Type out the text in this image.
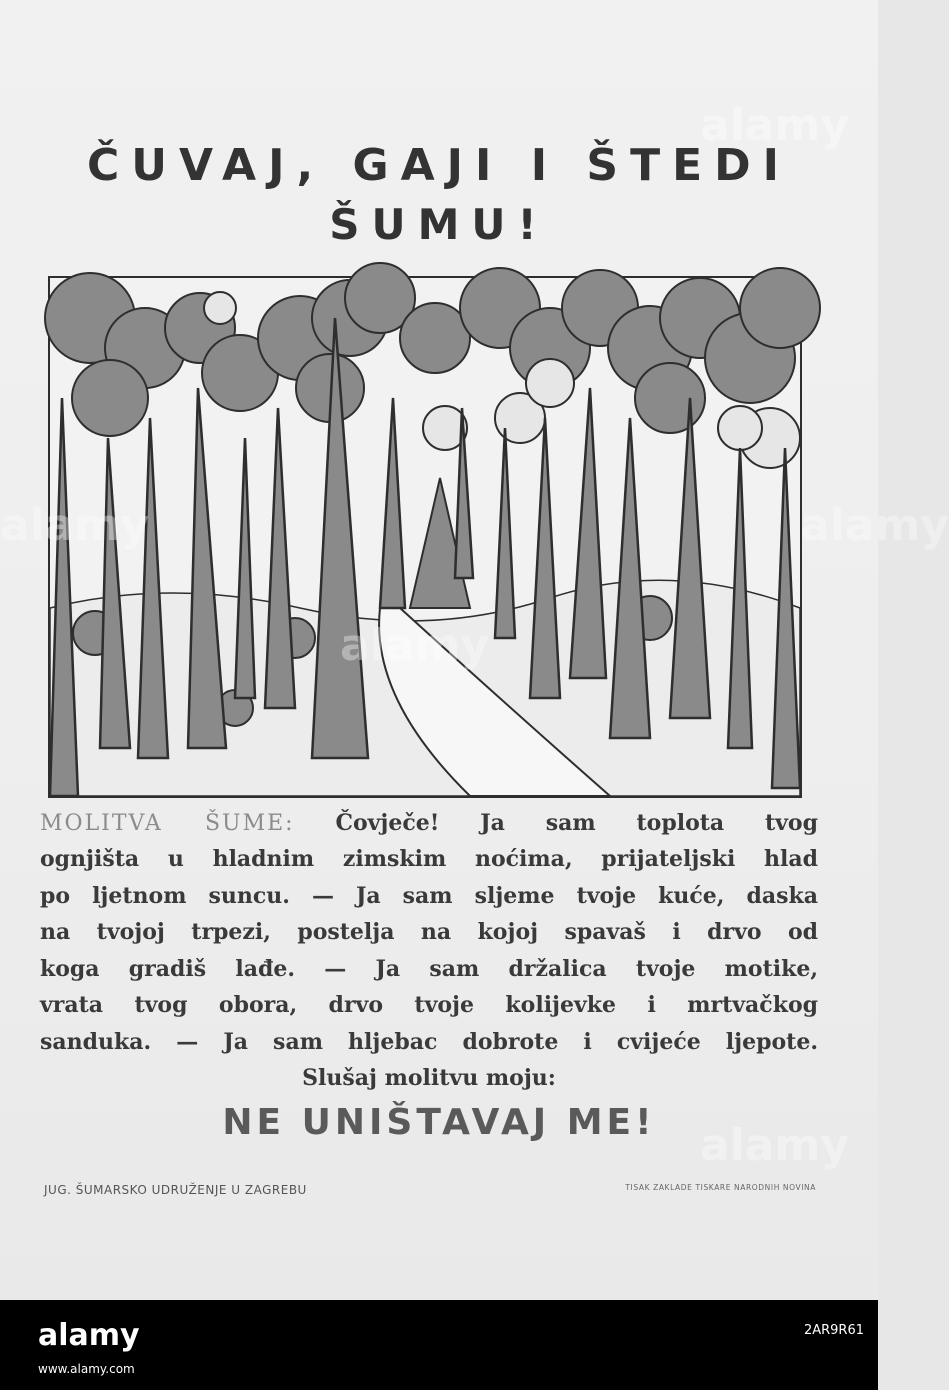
ČUVAJ, GAJI I ŠTEDI
ŠUMU!
MOLITVA ŠUME: Čovječe! Ja sam toplota tvog
ognjišta u hladnim zimskim noćima, prijateljski hlad
po ljetnom suncu. — Ja sam sljeme tvoje kuće, daska
na tvojoj trpezi, postelja na kojoj spavaš i drvo od
koga gradiš lađe. — Ja sam držalica tvoje motike,
vrata tvog obora, drvo tvoje kolijevke i mrtvačkog
sanduka. — Ja sam hljebac dobrote i cvijeće ljepote.
Slušaj molitvu moju:
NE UNIŠTAVAJ ME!
JUG. ŠUMARSKO UDRUŽENJE U ZAGREBU	TISAK ZAKLADE TISKARE NARODNIH NOVINA
alamy
alamy	alamy
alamy
alamy
alamy	2AR9R61
www.alamy.com
